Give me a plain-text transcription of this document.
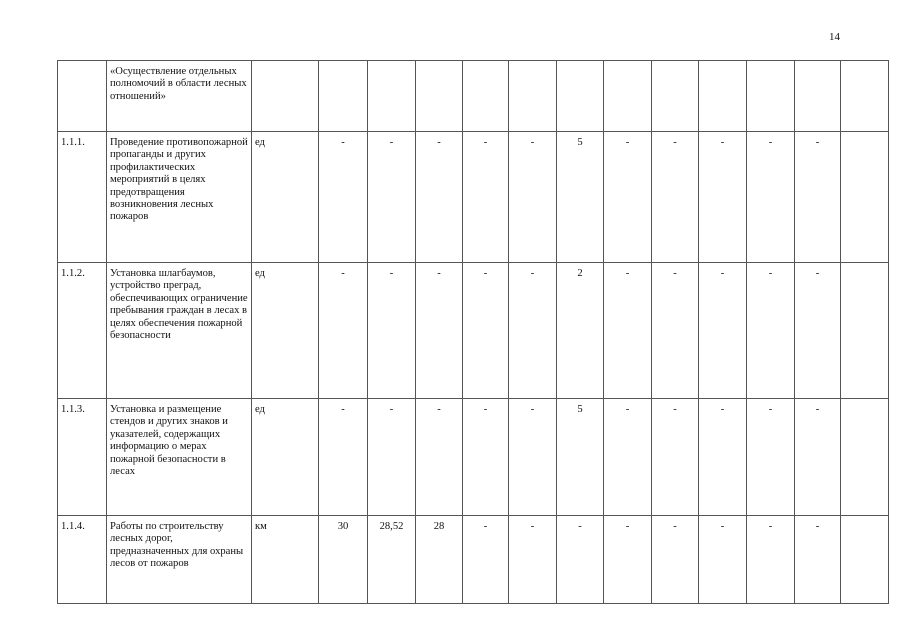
14
	«Осуществление отдельных полномочий в области лесных отношений»													
1.1.1.	Проведение противопожарной пропаганды и других профилактических мероприятий в целях предотвращения возникновения лесных пожаров	ед	-	-	-	-	-	5	-	-	-	-	-	
1.1.2.	Установка шлагбаумов, устройство преград, обеспечивающих ограничение пребывания граждан в лесах в целях обеспечения пожарной безопасности	ед	-	-	-	-	-	2	-	-	-	-	-	
1.1.3.	Установка и размещение стендов и других знаков и указателей, содержащих информацию о мерах пожарной безопасности в лесах	ед	-	-	-	-	-	5	-	-	-	-	-	
1.1.4.	Работы по строительству лесных дорог, предназначенных для охраны лесов от пожаров	км	30	28,52	28	-	-	-	-	-	-	-	-	
